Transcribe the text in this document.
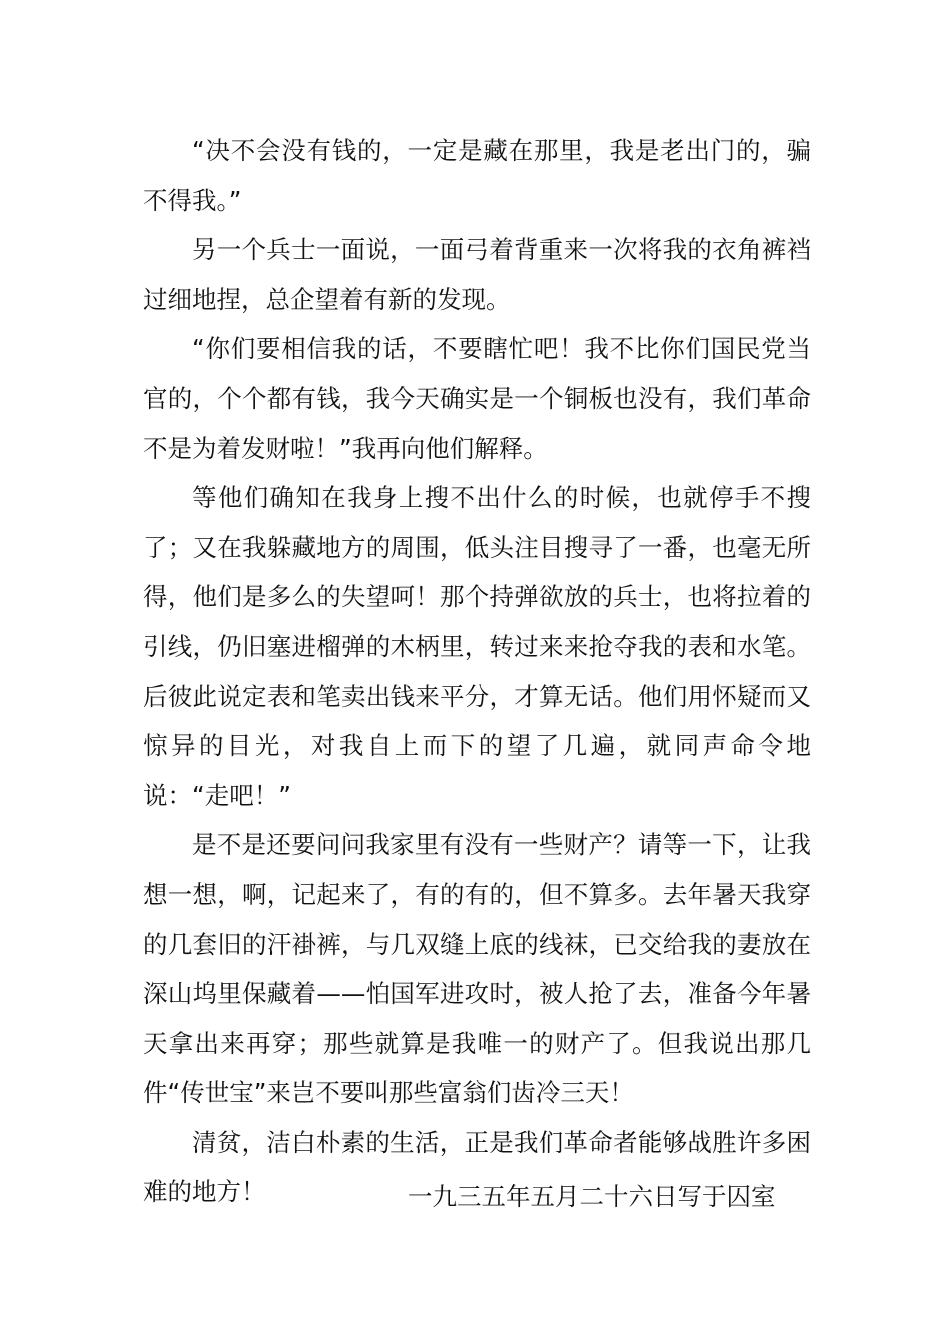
“决不会没有钱的，一定是藏在那里，我是老出门的，骗不得我。”

另一个兵士一面说，一面弓着背重来一次将我的衣角裤裆过细地捏，总企望着有新的发现。

“你们要相信我的话，不要瞎忙吧！我不比你们国民党当官的，个个都有钱，我今天确实是一个铜板也没有，我们革命不是为着发财啦！”我再向他们解释。

等他们确知在我身上搜不出什么的时候，也就停手不搜了；又在我躲藏地方的周围，低头注目搜寻了一番，也毫无所得，他们是多么的失望呵！那个持弹欲放的兵士，也将拉着的引线，仍旧塞进榴弹的木柄里，转过来来抢夺我的表和水笔。后彼此说定表和笔卖出钱来平分，才算无话。他们用怀疑而又惊异的目光，对我自上而下的望了几遍，就同声命令地说：“走吧！”

是不是还要问问我家里有没有一些财产？请等一下，让我想一想，啊，记起来了，有的有的，但不算多。去年暑天我穿的几套旧的汗褂裤，与几双缝上底的线袜，已交给我的妻放在深山坞里保藏着——怕国军进攻时，被人抢了去，准备今年暑天拿出来再穿；那些就算是我唯一的财产了。但我说出那几件“传世宝”来岂不要叫那些富翁们齿冷三天！

清贫，洁白朴素的生活，正是我们革命者能够战胜许多困难的地方！	一九三五年五月二十六日写于囚室
